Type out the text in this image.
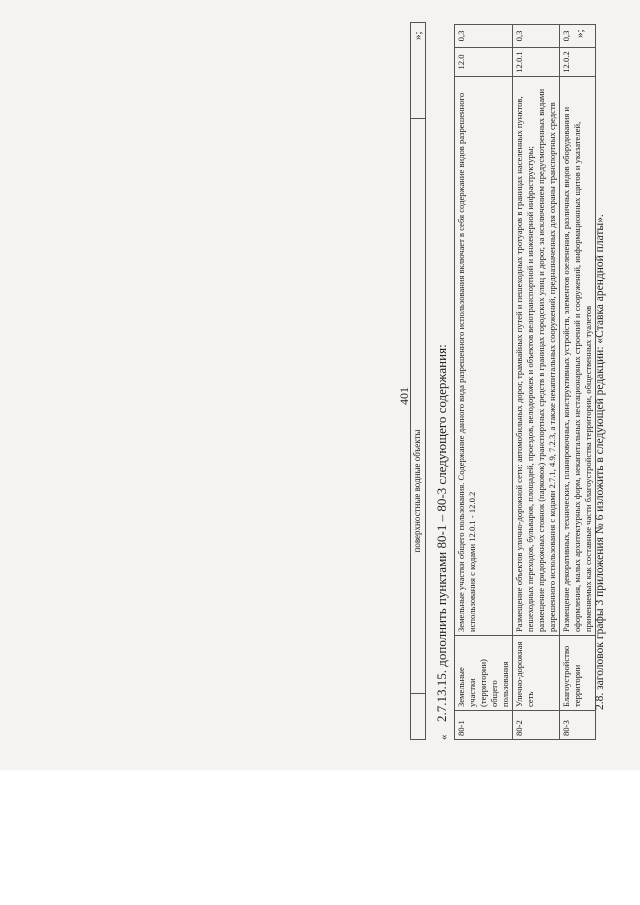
401
поверхностные водные объекты
»;
«
2.7.13.15. дополнить пунктами 80-1 – 80-3 следующего содержания:
80-1	Земельные участки (территории) общего пользования	Земельные участки общего пользования. Содержание данного вида разрешенного использования включает в себя содержание видов разрешенного использования с кодами 12.0.1 - 12.0.2	12.0	0,3
80-2	Улично-дорожная сеть	Размещение объектов улично-дорожной сети: автомобильных дорог, трамвайных путей и пешеходных тротуаров в границах населенных пунктов, пешеходных переходов, бульваров, площадей, проездов, велодорожек и объектов велотранспортной и инженерной инфраструктуры; размещение придорожных стоянок (парковок) транспортных средств в границах городских улиц и дорог, за исключением предусмотренных видами разрешенного использования с кодами 2.7.1, 4.9, 7.2.3, а также некапитальных сооружений, предназначенных для охраны транспортных средств	12.0.1	0,3
80-3	Благоустройство территории	Размещение декоративных, технических, планировочных, конструктивных устройств, элементов озеленения, различных видов оборудования и оформления, малых архитектурных форм, некапитальных нестационарных строений и сооружений, информационных щитов и указателей, применяемых как составные части благоустройства территории, общественных туалетов	12.0.2	0,3 »;
2.8. заголовок графы 3 приложения № 6 изложить в следующей редакции: «Ставка арендной платы».
